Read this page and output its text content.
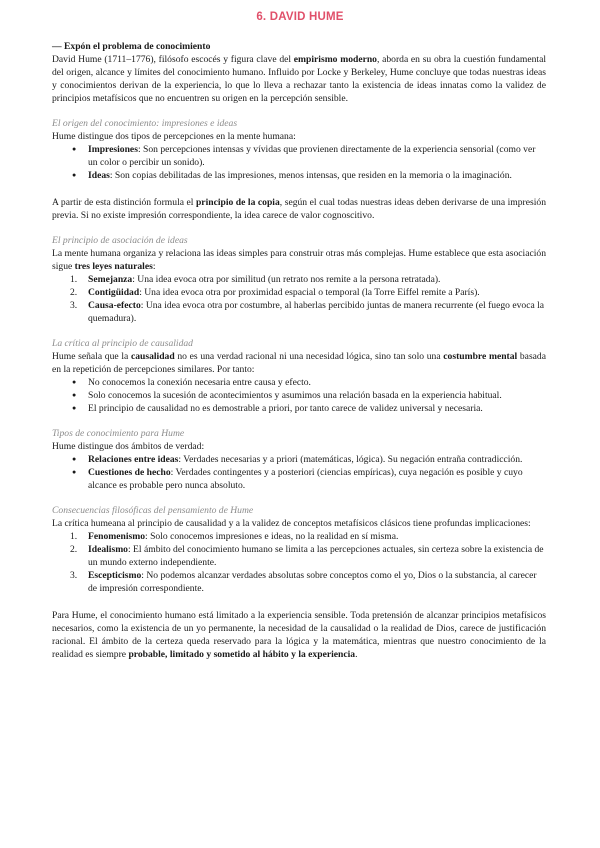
6. DAVID HUME

— Expón el problema de conocimiento

David Hume (1711–1776), filósofo escocés y figura clave del empirismo moderno, aborda en su obra la cuestión fundamental del origen, alcance y límites del conocimiento humano. Influido por Locke y Berkeley, Hume concluye que todas nuestras ideas y conocimientos derivan de la experiencia, lo que lo lleva a rechazar tanto la existencia de ideas innatas como la validez de principios metafísicos que no encuentren su origen en la percepción sensible.

El origen del conocimiento: impresiones e ideas

Hume distingue dos tipos de percepciones en la mente humana:

● Impresiones: Son percepciones intensas y vívidas que provienen directamente de la experiencia sensorial (como ver un color o percibir un sonido).
● Ideas: Son copias debilitadas de las impresiones, menos intensas, que residen en la memoria o la imaginación.

A partir de esta distinción formula el principio de la copia, según el cual todas nuestras ideas deben derivarse de una impresión previa. Si no existe impresión correspondiente, la idea carece de valor cognoscitivo.

El principio de asociación de ideas

La mente humana organiza y relaciona las ideas simples para construir otras más complejas. Hume establece que esta asociación sigue tres leyes naturales:

1. Semejanza: Una idea evoca otra por similitud (un retrato nos remite a la persona retratada).
2. Contigüidad: Una idea evoca otra por proximidad espacial o temporal (la Torre Eiffel remite a París).
3. Causa-efecto: Una idea evoca otra por costumbre, al haberlas percibido juntas de manera recurrente (el fuego evoca la quemadura).

La crítica al principio de causalidad

Hume señala que la causalidad no es una verdad racional ni una necesidad lógica, sino tan solo una costumbre mental basada en la repetición de percepciones similares. Por tanto:

● No conocemos la conexión necesaria entre causa y efecto.
● Solo conocemos la sucesión de acontecimientos y asumimos una relación basada en la experiencia habitual.
● El principio de causalidad no es demostrable a priori, por tanto carece de validez universal y necesaria.

Tipos de conocimiento para Hume

Hume distingue dos ámbitos de verdad:

● Relaciones entre ideas: Verdades necesarias y a priori (matemáticas, lógica). Su negación entraña contradicción.
● Cuestiones de hecho: Verdades contingentes y a posteriori (ciencias empíricas), cuya negación es posible y cuyo alcance es probable pero nunca absoluto.

Consecuencias filosóficas del pensamiento de Hume

La crítica humeana al principio de causalidad y a la validez de conceptos metafísicos clásicos tiene profundas implicaciones:

1. Fenomenismo: Solo conocemos impresiones e ideas, no la realidad en sí misma.
2. Idealismo: El ámbito del conocimiento humano se limita a las percepciones actuales, sin certeza sobre la existencia de un mundo externo independiente.
3. Escepticismo: No podemos alcanzar verdades absolutas sobre conceptos como el yo, Dios o la substancia, al carecer de impresión correspondiente.

Para Hume, el conocimiento humano está limitado a la experiencia sensible. Toda pretensión de alcanzar principios metafísicos necesarios, como la existencia de un yo permanente, la necesidad de la causalidad o la realidad de Dios, carece de justificación racional. El ámbito de la certeza queda reservado para la lógica y la matemática, mientras que nuestro conocimiento de la realidad es siempre probable, limitado y sometido al hábito y la experiencia.
